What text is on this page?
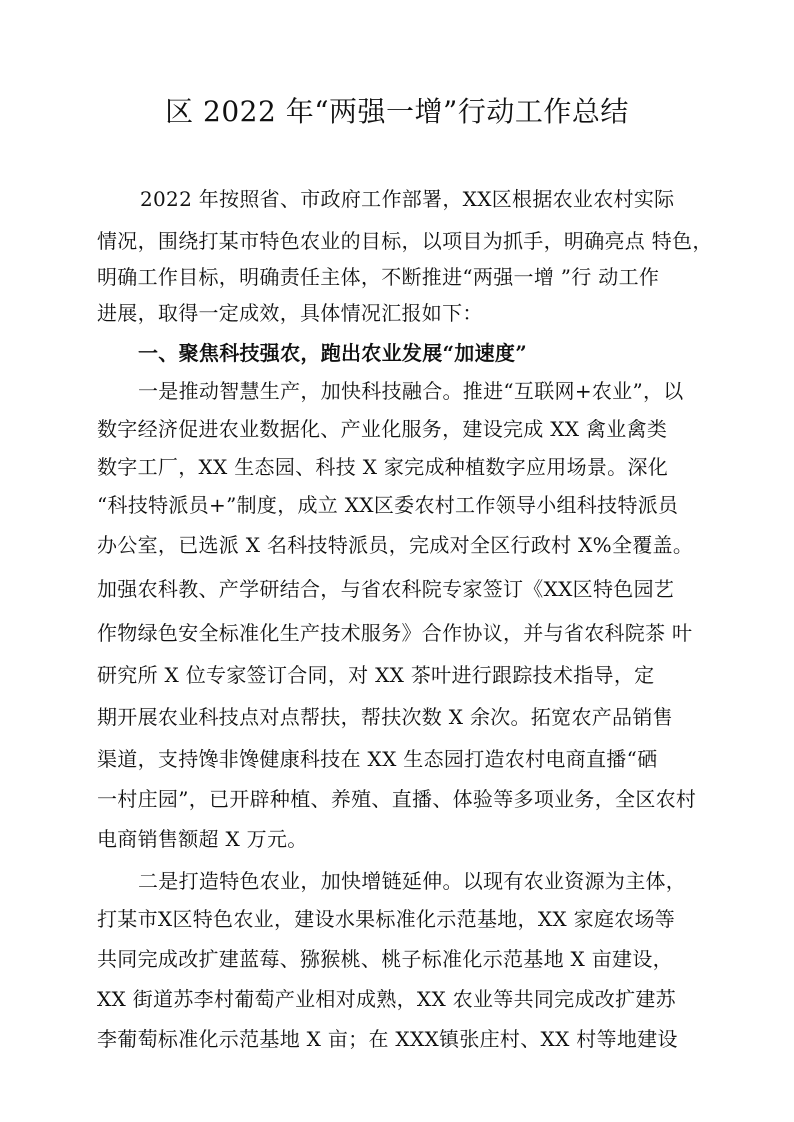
区 2022 年“两强一增”行动工作总结
2022 年按照省、市政府工作部署，XX区根据农业农村实际
情况，围绕打某市特色农业的目标，以项目为抓手，明确亮点 特色，
明确工作目标，明确责任主体，不断推进“两强一增 ”行 动工作
进展，取得一定成效，具体情况汇报如下：
一、聚焦科技强农，跑出农业发展“加速度”
一是推动智慧生产，加快科技融合。推进“互联网+农业”，以
数字经济促进农业数据化、产业化服务，建设完成 XX 禽业禽类
数字工厂，XX 生态园、科技 X 家完成种植数字应用场景。深化
“科技特派员+”制度，成立 XX区委农村工作领导小组科技特派员
办公室，已选派 X 名科技特派员，完成对全区行政村 X%全覆盖。
加强农科教、产学研结合，与省农科院专家签订《XX区特色园艺
作物绿色安全标准化生产技术服务》合作协议，并与省农科院茶 叶
研究所 X 位专家签订合同，对 XX 茶叶进行跟踪技术指导，定
期开展农业科技点对点帮扶，帮扶次数 X 余次。拓宽农产品销售
渠道，支持馋非馋健康科技在 XX 生态园打造农村电商直播“硒
一村庄园”，已开辟种植、养殖、直播、体验等多项业务，全区农村
电商销售额超 X 万元。
二是打造特色农业，加快增链延伸。以现有农业资源为主体，
打某市X区特色农业，建设水果标准化示范基地，XX 家庭农场等
共同完成改扩建蓝莓、猕猴桃、桃子标准化示范基地 X 亩建设，
XX 街道苏李村葡萄产业相对成熟，XX 农业等共同完成改扩建苏
李葡萄标准化示范基地 X 亩；在 XXX镇张庄村、XX 村等地建设
